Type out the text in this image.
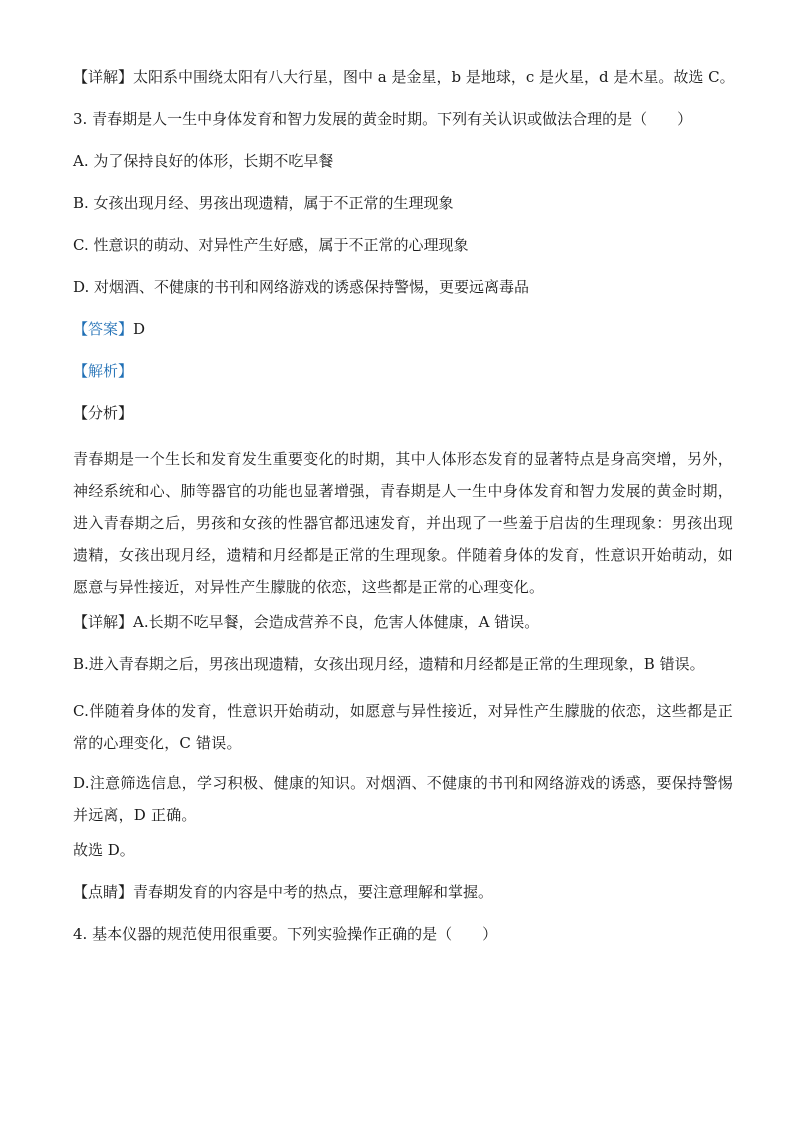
【详解】太阳系中围绕太阳有八大行星，图中 a 是金星，b 是地球，c 是火星，d 是木星。故选 C。

3. 青春期是人一生中身体发育和智力发展的黄金时期。下列有关认识或做法合理的是（　　）

A. 为了保持良好的体形，长期不吃早餐

B. 女孩出现月经、男孩出现遗精，属于不正常的生理现象

C. 性意识的萌动、对异性产生好感，属于不正常的心理现象

D. 对烟酒、不健康的书刊和网络游戏的诱惑保持警惕，更要远离毒品

【答案】D

【解析】

【分析】

青春期是一个生长和发育发生重要变化的时期，其中人体形态发育的显著特点是身高突增，另外，神经系统和心、肺等器官的功能也显著增强，青春期是人一生中身体发育和智力发展的黄金时期，进入青春期之后，男孩和女孩的性器官都迅速发育，并出现了一些羞于启齿的生理现象：男孩出现遗精，女孩出现月经，遗精和月经都是正常的生理现象。伴随着身体的发育，性意识开始萌动，如愿意与异性接近，对异性产生朦胧的依恋，这些都是正常的心理变化。

【详解】A.长期不吃早餐，会造成营养不良，危害人体健康，A 错误。

B.进入青春期之后，男孩出现遗精，女孩出现月经，遗精和月经都是正常的生理现象，B 错误。

C.伴随着身体的发育，性意识开始萌动，如愿意与异性接近，对异性产生朦胧的依恋，这些都是正常的心理变化，C 错误。

D.注意筛选信息，学习积极、健康的知识。对烟酒、不健康的书刊和网络游戏的诱惑，要保持警惕并远离，D 正确。

故选 D。

【点睛】青春期发育的内容是中考的热点，要注意理解和掌握。

4. 基本仪器的规范使用很重要。下列实验操作正确的是（　　）
